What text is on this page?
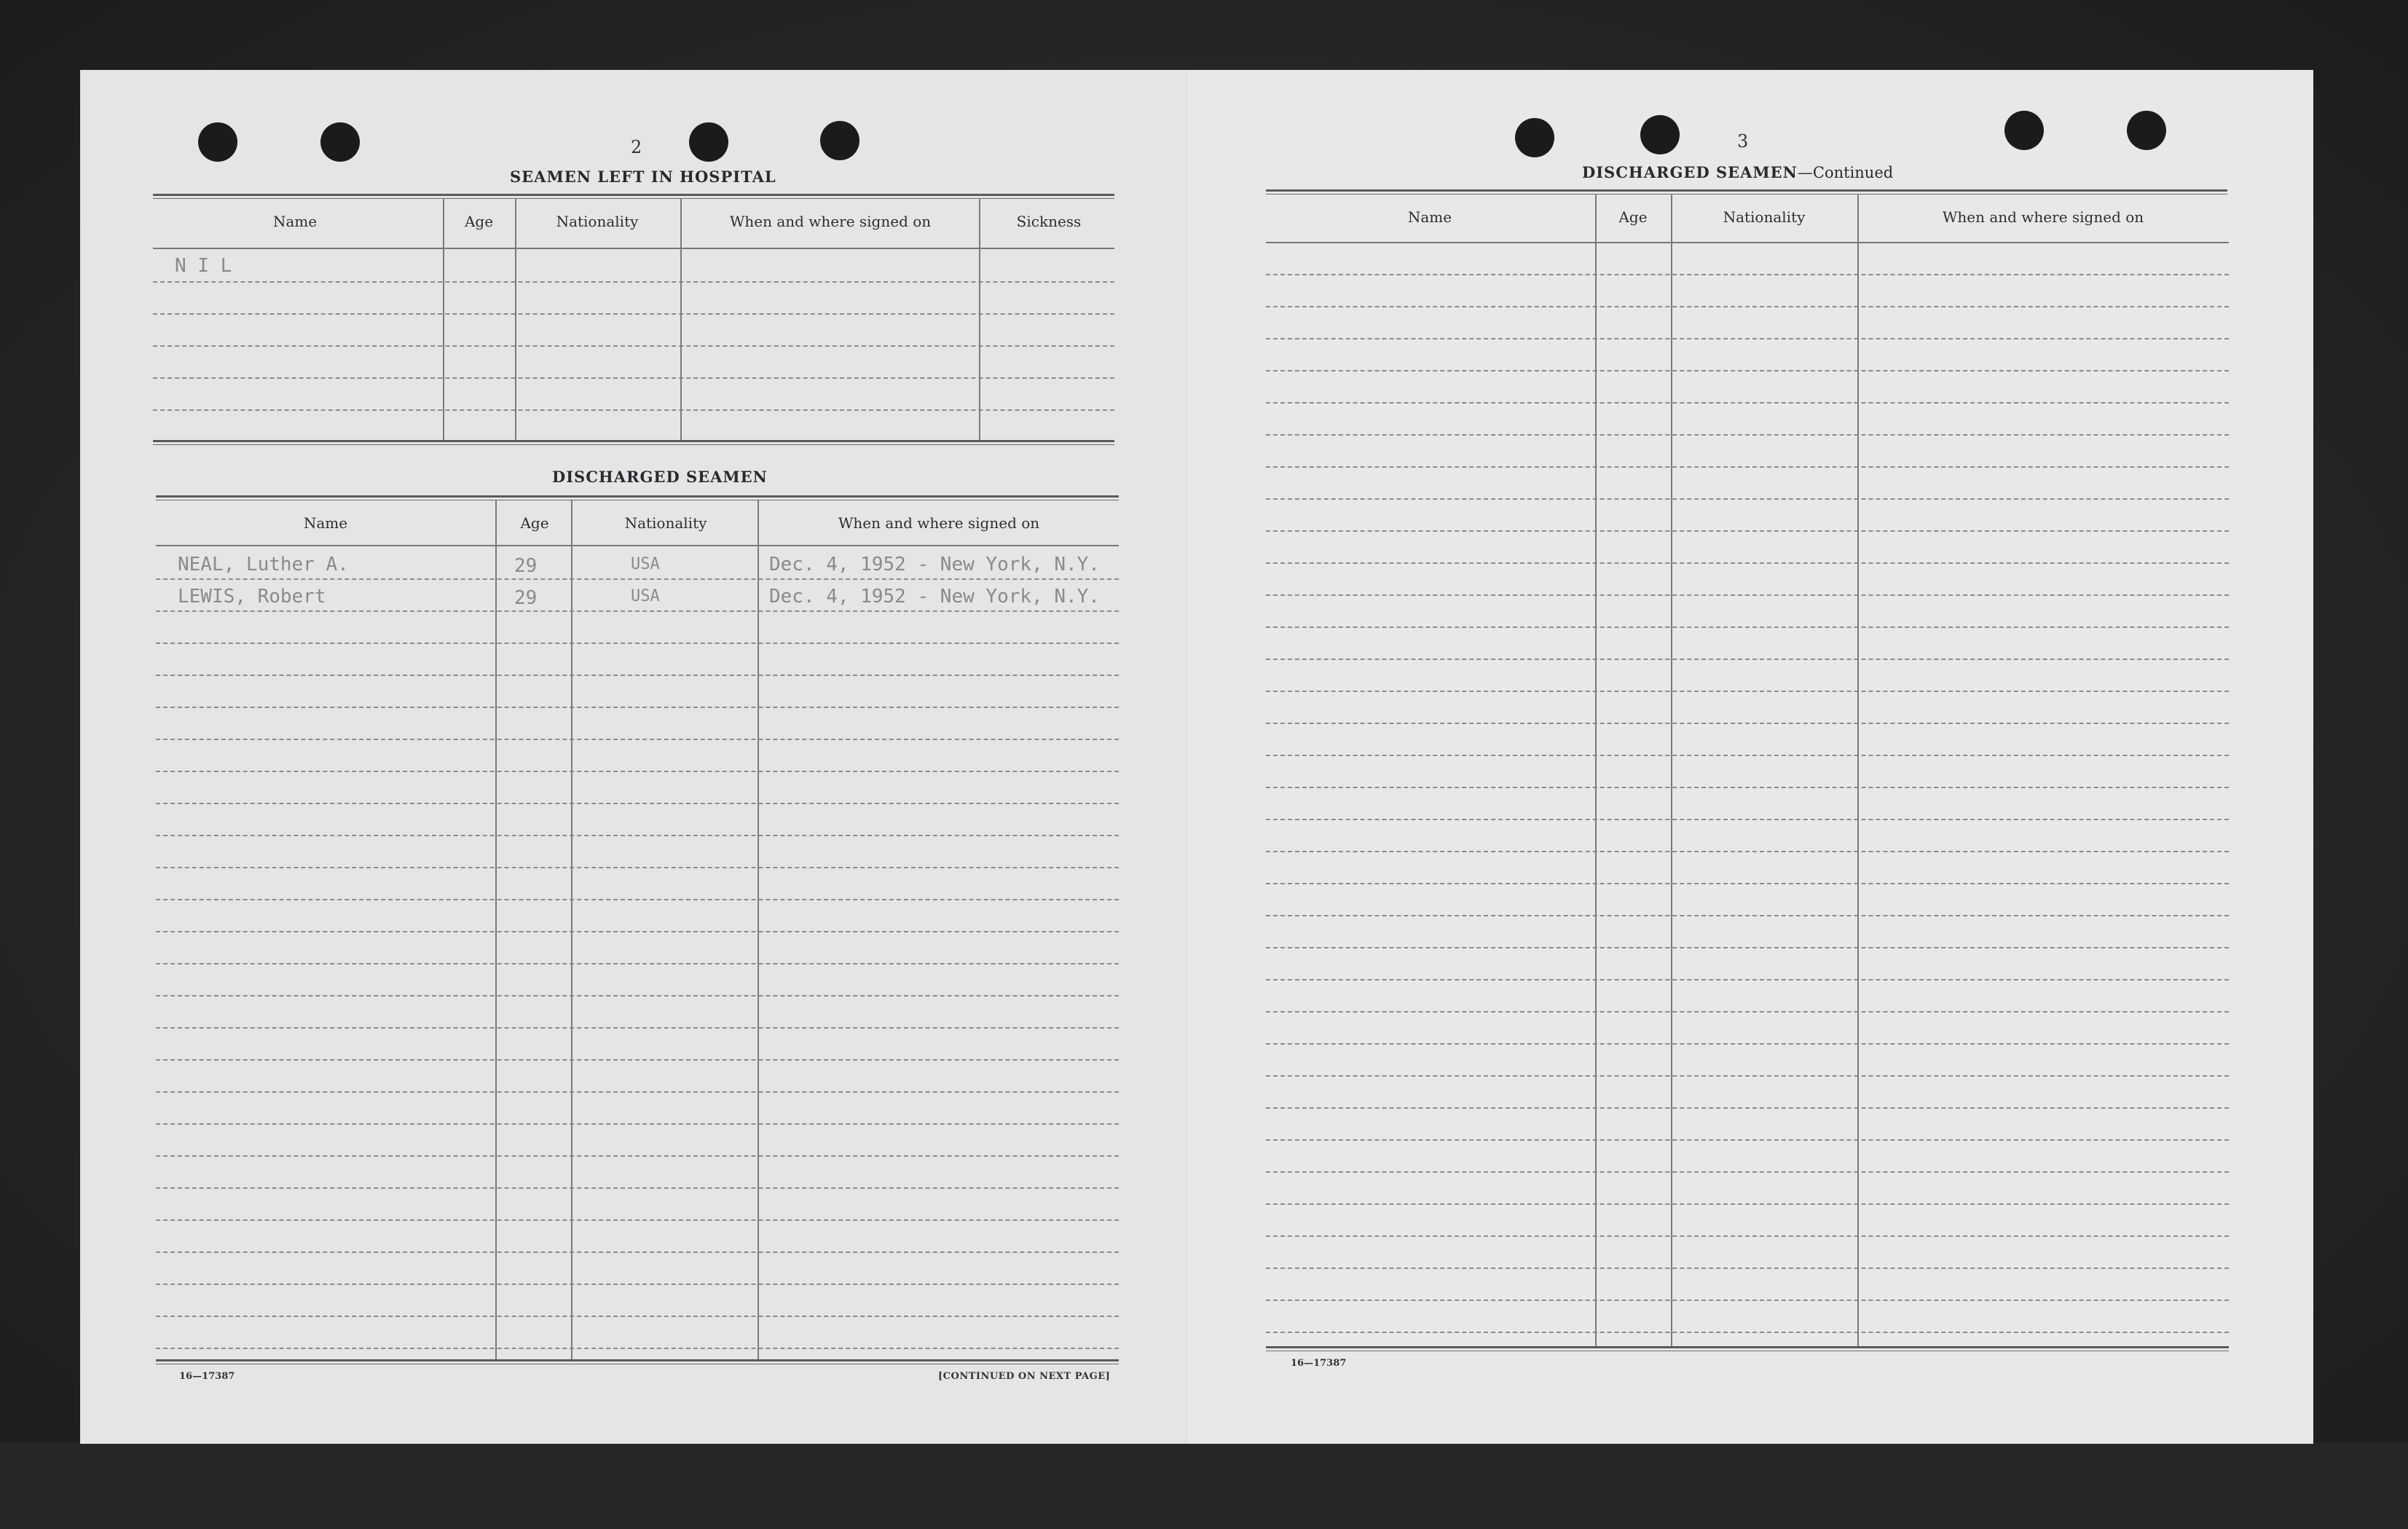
2
SEAMEN LEFT IN HOSPITAL
Name	Age	Nationality	When and where signed on	Sickness
N I L
DISCHARGED SEAMEN
Name	Age	Nationality	When and where signed on
NEAL, Luther A.	29	USA	Dec. 4, 1952 - New York, N.Y.
LEWIS, Robert	29	USA	Dec. 4, 1952 - New York, N.Y.
16—17387	[CONTINUED ON NEXT PAGE]
3
DISCHARGED SEAMEN—Continued
Name	Age	Nationality	When and where signed on
16—17387
